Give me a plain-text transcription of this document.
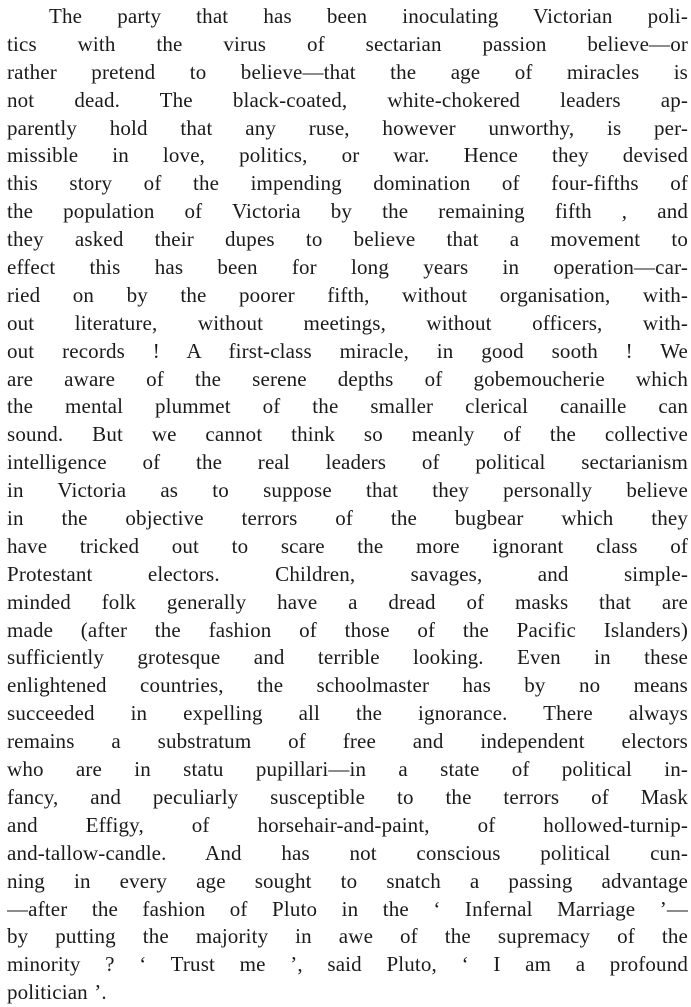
The party that has been inoculating Victorian poli-
tics with the virus of sectarian passion believe—or
rather pretend to believe—that the age of miracles is
not dead. The black-coated, white-chokered leaders ap-
parently hold that any ruse, however unworthy, is per-
missible in love, politics, or war. Hence they devised
this story of the impending domination of four-fifths of
the population of Victoria by the remaining fifth , and
they asked their dupes to believe that a movement to
effect this has been for long years in operation—car-
ried on by the poorer fifth, without organisation, with-
out literature, without meetings, without officers, with-
out records ! A first-class miracle, in good sooth ! We
are aware of the serene depths of gobemoucherie which
the mental plummet of the smaller clerical canaille can
sound. But we cannot think so meanly of the collective
intelligence of the real leaders of political sectarianism
in Victoria as to suppose that they personally believe
in the objective terrors of the bugbear which they
have tricked out to scare the more ignorant class of
Protestant electors. Children, savages, and simple-
minded folk generally have a dread of masks that are
made (after the fashion of those of the Pacific Islanders)
sufficiently grotesque and terrible looking. Even in these
enlightened countries, the schoolmaster has by no means
succeeded in expelling all the ignorance. There always
remains a substratum of free and independent electors
who are in statu pupillari—in a state of political in-
fancy, and peculiarly susceptible to the terrors of Mask
and Effigy, of horsehair-and-paint, of hollowed-turnip-
and-tallow-candle. And has not conscious political cun-
ning in every age sought to snatch a passing advantage
—after the fashion of Pluto in the ‘ Infernal Marriage ’—
by putting the majority in awe of the supremacy of the
minority ? ‘ Trust me ’, said Pluto, ‘ I am a profound
politician ’.
